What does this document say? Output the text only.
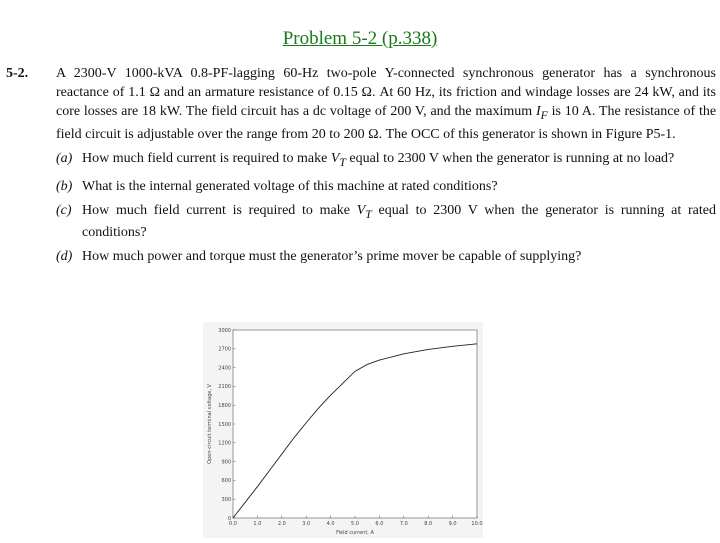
Problem 5-2 (p.338)
5-2. A 2300-V 1000-kVA 0.8-PF-lagging 60-Hz two-pole Y-connected synchronous generator has a synchronous reactance of 1.1 Ω and an armature resistance of 0.15 Ω. At 60 Hz, its friction and windage losses are 24 kW, and its core losses are 18 kW. The field circuit has a dc voltage of 200 V, and the maximum $I_F$ is 10 A. The resistance of the field circuit is adjustable over the range from 20 to 200 Ω. The OCC of this generator is shown in Figure P5-1.
(a) How much field current is required to make $V_T$ equal to 2300 V when the generator is running at no load?
(b) What is the internal generated voltage of this machine at rated conditions?
(c) How much field current is required to make $V_T$ equal to 2300 V when the generator is running at rated conditions?
(d) How much power and torque must the generator’s prime mover be capable of supplying?
0.0	1.0	2.0	3.0	4.0	5.0	6.0	7.0	8.0	9.0	10.0
0
300
600
900
1200
1500
1800
2100
2400
2700
3000
Field current, A
Open-circuit terminal voltage, V
